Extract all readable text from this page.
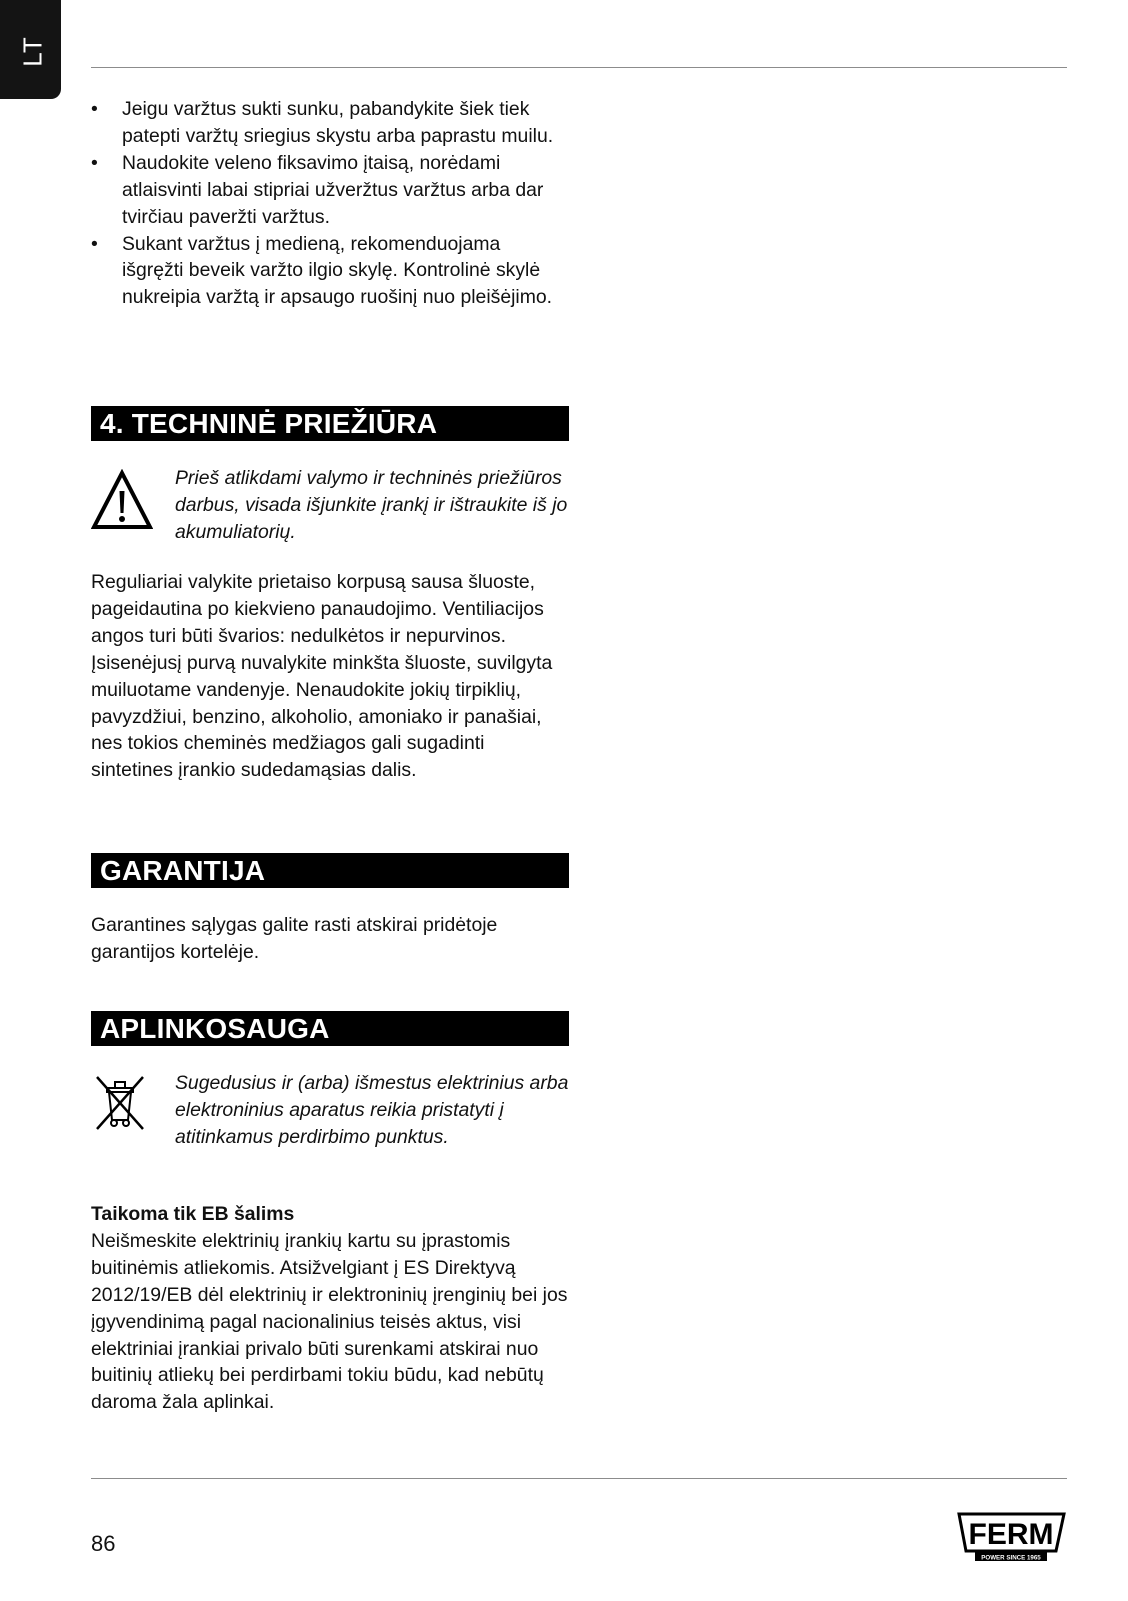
LT
• Jeigu varžtus sukti sunku, pabandykite šiek tiek patepti varžtų sriegius skystu arba paprastu muilu.
• Naudokite veleno fiksavimo įtaisą, norėdami atlaisvinti labai stipriai užveržtus varžtus arba dar tvirčiau paveržti varžtus.
• Sukant varžtus į medieną, rekomenduojama išgręžti beveik varžto ilgio skylę. Kontrolinė skylė nukreipia varžtą ir apsaugo ruošinį nuo pleišėjimo.
4. TECHNINĖ PRIEŽIŪRA
Prieš atlikdami valymo ir techninės priežiūros darbus, visada išjunkite įrankį ir ištraukite iš jo akumuliatorių.

Reguliariai valykite prietaiso korpusą sausa šluoste, pageidautina po kiekvieno panaudojimo. Ventiliacijos angos turi būti švarios: nedulkėtos ir nepurvinos. Įsisenėjusį purvą nuvalykite minkšta šluoste, suvilgyta muiluotame vandenyje. Nenaudokite jokių tirpiklių, pavyzdžiui, benzino, alkoholio, amoniako ir panašiai, nes tokios cheminės medžiagos gali sugadinti sintetines įrankio sudedamąsias dalis.

GARANTIJA

Garantines sąlygas galite rasti atskirai pridėtoje garantijos kortelėje.

APLINKOSAUGA
Sugedusius ir (arba) išmestus elektrinius arba elektroninius aparatus reikia pristatyti į atitinkamus perdirbimo punktus.

Taikoma tik EB šalims

Neišmeskite elektrinių įrankių kartu su įprastomis buitinėmis atliekomis. Atsižvelgiant į ES Direktyvą 2012/19/EB dėl elektrinių ir elektroninių įrenginių bei jos įgyvendinimą pagal nacionalinius teisės aktus, visi elektriniai įrankiai privalo būti surenkami atskirai nuo buitinių atliekų bei perdirbami tokiu būdu, kad nebūtų daroma žala aplinkai.

86	FERM
POWER SINCE 1965
